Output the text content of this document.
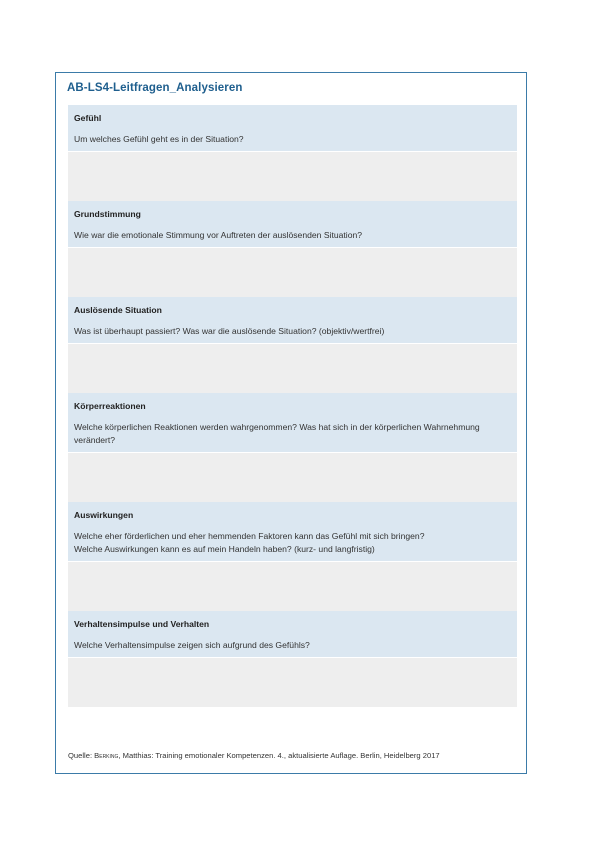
AB-LS4-Leitfragen_Analysieren
Gefühl
Um welches Gefühl geht es in der Situation?
Grundstimmung
Wie war die emotionale Stimmung vor Auftreten der auslösenden Situation?
Auslösende Situation
Was ist überhaupt passiert? Was war die auslösende Situation? (objektiv/wertfrei)
Körperreaktionen
Welche körperlichen Reaktionen werden wahrgenommen? Was hat sich in der körperlichen Wahrnehmung verändert?
Auswirkungen
Welche eher förderlichen und eher hemmenden Faktoren kann das Gefühl mit sich bringen?
Welche Auswirkungen kann es auf mein Handeln haben? (kurz- und langfristig)
Verhaltensimpulse und Verhalten
Welche Verhaltensimpulse zeigen sich aufgrund des Gefühls?
Quelle: Berking, Matthias: Training emotionaler Kompetenzen. 4., aktualisierte Auflage. Berlin, Heidelberg 2017
